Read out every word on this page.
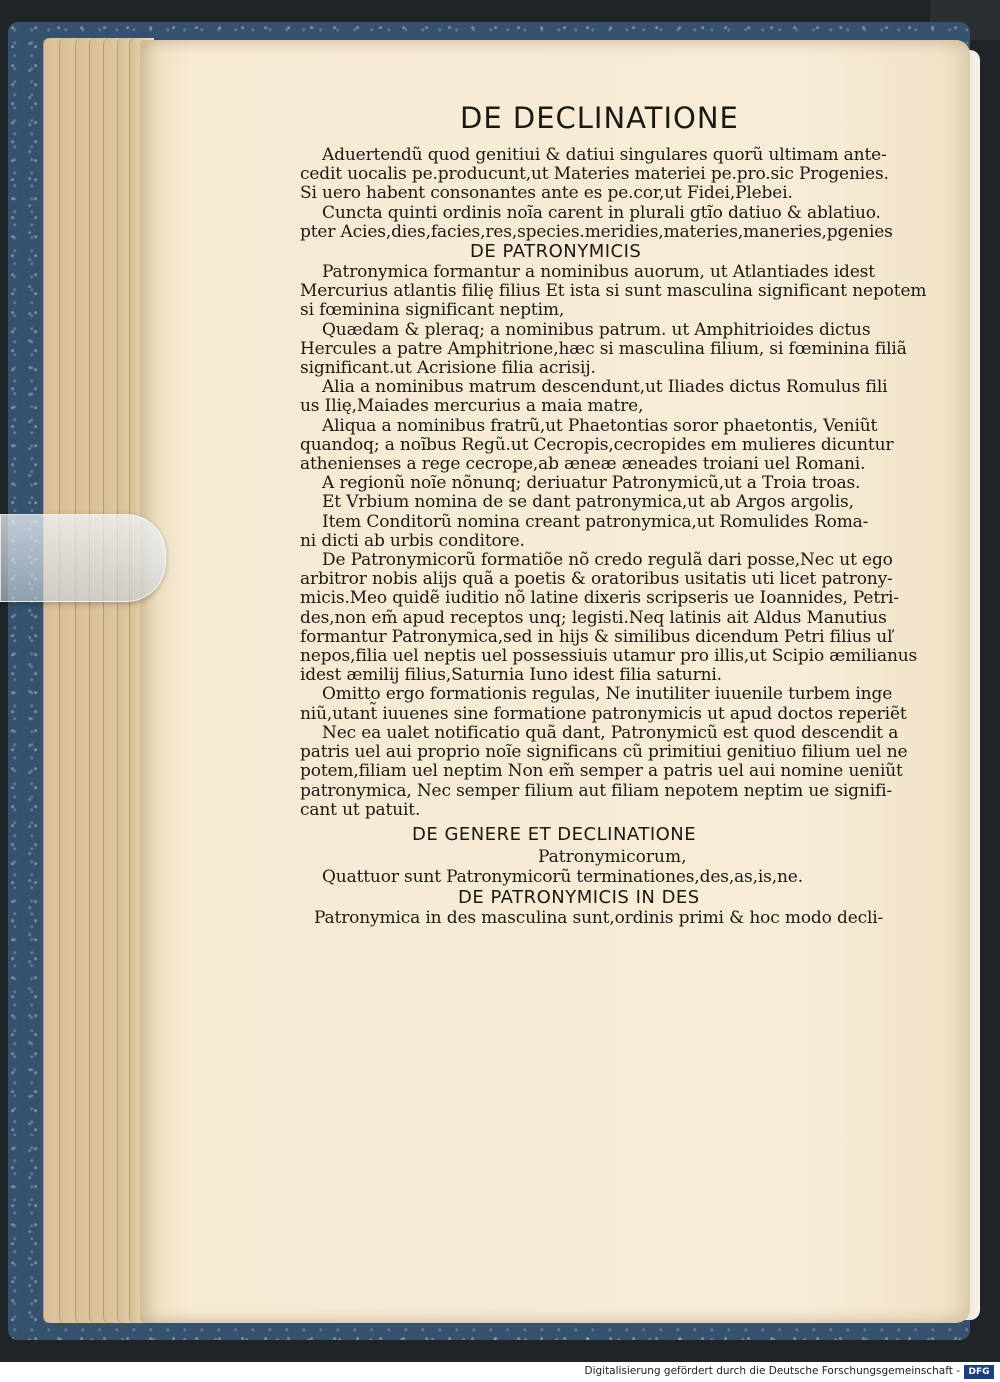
DE DECLINATIONE
Aduertendũ quod genitiui & datiui singulares quorũ ultimam ante-
cedit uocalis pe.producunt,ut Materies materiei pe.pro.sic Progenies.
Si uero habent consonantes ante es pe.cor,ut Fidei,Plebei.
Cuncta quinti ordinis noĩa carent in plurali gtĩo datiuo & ablatiuo.
pter Acies,dies,facies,res,species.meridies,materies,maneries,pgenies
DE PATRONYMICIS
Patronymica formantur a nominibus auorum, ut Atlantiades idest
Mercurius atlantis filię filius Et ista si sunt masculina significant nepotem
si fœminina significant neptim,
Quædam & pleraq; a nominibus patrum. ut Amphitrioides dictus
Hercules a patre Amphitrione,hæc si masculina filium, si fœminina filiã
significant.ut Acrisione filia acrisij.
Alia a nominibus matrum descendunt,ut Iliades dictus Romulus fili
us Ilię,Maiades mercurius a maia matre,
Aliqua a nominibus fratrũ,ut Phaetontias soror phaetontis, Veniũt
quandoq; a noĩbus Regũ.ut Cecropis,cecropides em mulieres dicuntur
athenienses a rege cecrope,ab æneæ æneades troiani uel Romani.
A regionũ noĩe nõnunq; deriuatur Patronymicũ,ut a Troia troas.
Et Vrbium nomina de se dant patronymica,ut ab Argos argolis,
Item Conditorũ nomina creant patronymica,ut Romulides Roma-
ni dicti ab urbis conditore.
De Patronymicorũ formatiõe nõ credo regulã dari posse,Nec ut ego
arbitror nobis alijs quã a poetis & oratoribus usitatis uti licet patrony-
micis.Meo quidẽ iuditio nõ latine dixeris scripseris ue Ioannides, Petri-
des,non em̃ apud receptos unq; legisti.Neq latinis ait Aldus Manutius
formantur Patronymica,sed in hijs & similibus dicendum Petri filius uľ
nepos,filia uel neptis uel possessiuis utamur pro illis,ut Scipio æmilianus
idest æmilij filius,Saturnia Iuno idest filia saturni.
Omitto ergo formationis regulas, Ne inutiliter iuuenile turbem inge
niũ,utant̃ iuuenes sine formatione patronymicis ut apud doctos reperiẽt
Nec ea ualet notificatio quã dant, Patronymicũ est quod descendit a
patris uel aui proprio noĩe significans cũ primitiui genitiuo filium uel ne
potem,filiam uel neptim Non em̃ semper a patris uel aui nomine ueniũt
patronymica, Nec semper filium aut filiam nepotem neptim ue signifi-
cant ut patuit.
DE GENERE ET DECLINATIONE
Patronymicorum,
Quattuor sunt Patronymicorũ terminationes,des,as,is,ne.
DE PATRONYMICIS IN DES
Patronymica in des masculina sunt,ordinis primi & hoc modo decli-
Digitalisierung gefördert durch die Deutsche Forschungsgemeinschaft - DFG
